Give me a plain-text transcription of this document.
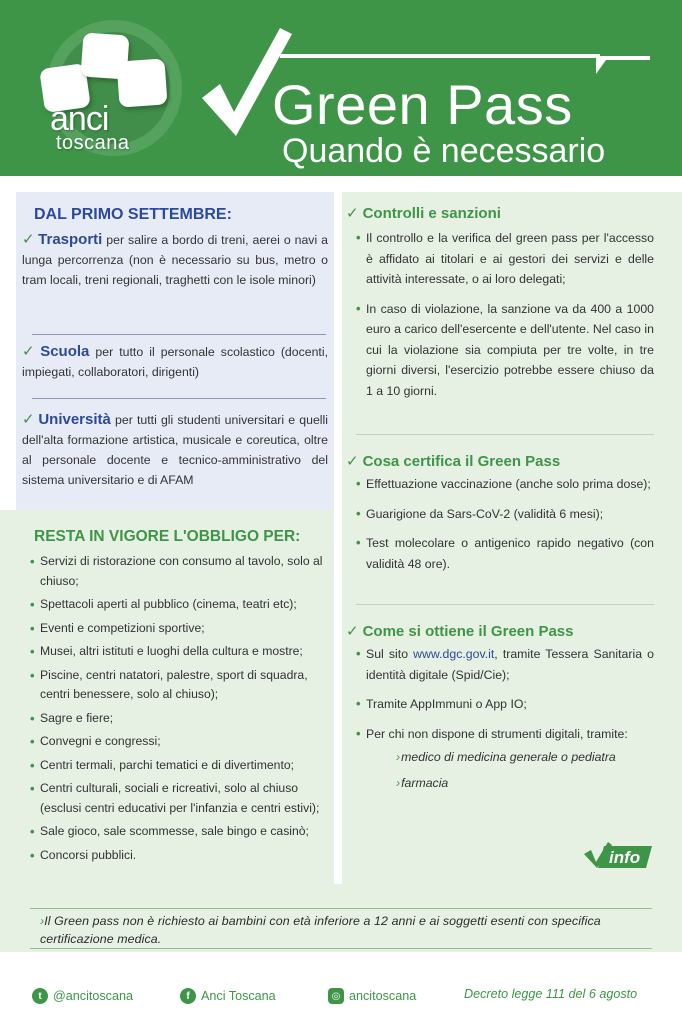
anci
toscana
Green Pass
Quando è necessario
DAL PRIMO SETTEMBRE:
✓ Trasporti per salire a bordo di treni, aerei o navi a lunga percorrenza (non è necessario su bus, metro o tram locali, treni regionali, traghetti con le isole minori)
✓ Scuola per tutto il personale scolastico (docenti, impiegati, collaboratori, dirigenti)
✓ Università per tutti gli studenti universitari e quelli dell'alta formazione artistica, musicale e coreutica, oltre al personale docente e tecnico-amministrativo del sistema universitario e di AFAM
RESTA IN VIGORE L'OBBLIGO PER:
• Servizi di ristorazione con consumo al tavolo, solo al chiuso;
• Spettacoli aperti al pubblico (cinema, teatri etc);
• Eventi e competizioni sportive;
• Musei, altri istituti e luoghi della cultura e mostre;
• Piscine, centri natatori, palestre, sport di squadra, centri benessere, solo al chiuso);
• Sagre e fiere;
• Convegni e congressi;
• Centri termali, parchi tematici e di divertimento;
• Centri culturali, sociali e ricreativi, solo al chiuso (esclusi centri educativi per l'infanzia e centri estivi);
• Sale gioco, sale scommesse, sale bingo e casinò;
• Concorsi pubblici.
✓ Controlli e sanzioni
• Il controllo e la verifica del green pass per l'accesso è affidato ai titolari e ai gestori dei servizi e delle attività interessate, o ai loro delegati;
• In caso di violazione, la sanzione va da 400 a 1000 euro a carico dell'esercente e dell'utente. Nel caso in cui la violazione sia compiuta per tre volte, in tre giorni diversi, l'esercizio potrebbe essere chiuso da 1 a 10 giorni.
✓ Cosa certifica il Green Pass
• Effettuazione vaccinazione (anche solo prima dose);
• Guarigione da Sars-CoV-2 (validità 6 mesi);
• Test molecolare o antigenico rapido negativo (con validità 48 ore).
✓ Come si ottiene il Green Pass
• Sul sito www.dgc.gov.it, tramite Tessera Sanitaria o identità digitale (Spid/Cie);
• Tramite AppImmuni o App IO;
• Per chi non dispone di strumenti digitali, tramite:
›medico di medicina generale o pediatra
›farmacia
info
›Il Green pass non è richiesto ai bambini con età inferiore a 12 anni e ai soggetti esenti con specifica certificazione medica.
t @ancitoscana	f Anci Toscana	◎ ancitoscana	Decreto legge 111 del 6 agosto
